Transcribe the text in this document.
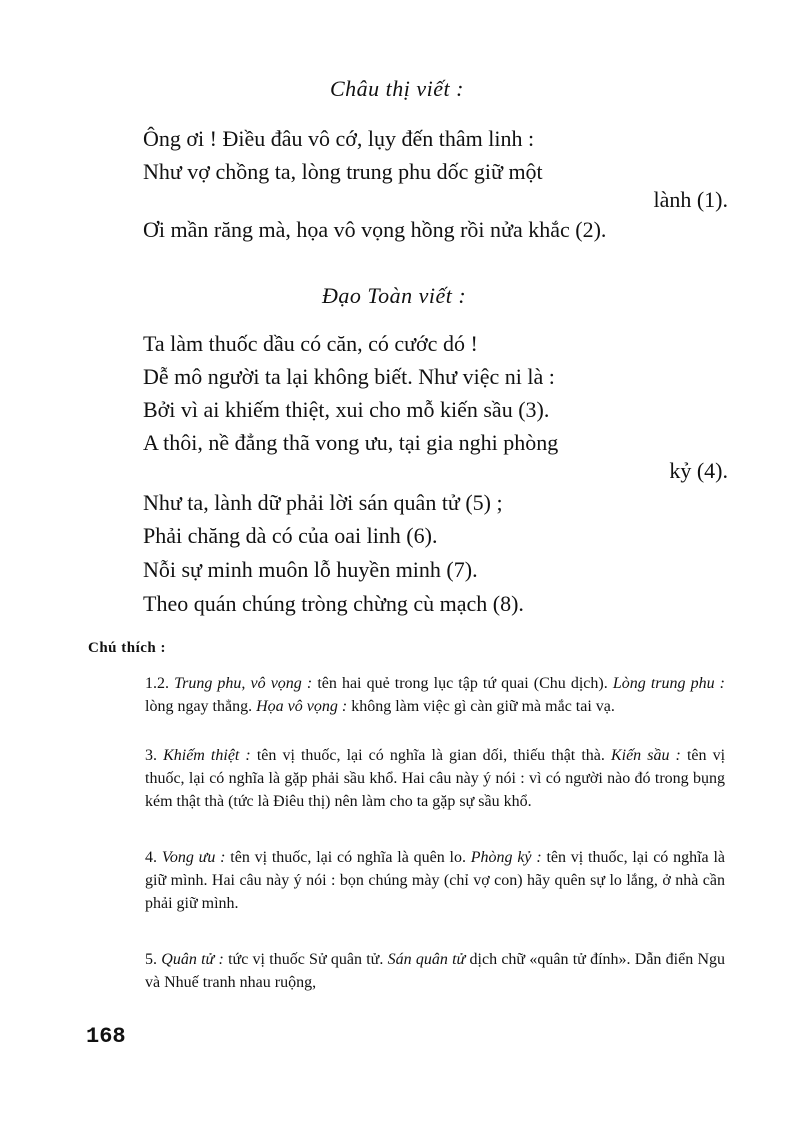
Châu thị viết :
Ông ơi ! Điều đâu vô cớ, lụy đến thâm linh :
Như vợ chồng ta, lòng trung phu dốc giữ một
lành (1).
Ơi mần răng mà, họa vô vọng hồng rồi nửa khắc (2).
Đạo Toàn viết :
Ta làm thuốc dầu có căn, có cước dó !
Dễ mô người ta lại không biết. Như việc ni là :
Bởi vì ai khiếm thiệt, xui cho mỗ kiến sầu (3).
A thôi, nề đẳng thã vong ưu, tại gia nghi phòng
kỷ (4).
Như ta, lành dữ phải lời sán quân tử (5) ;
Phải chăng dà có của oai linh (6).
Nỗi sự minh muôn lỗ huyền minh (7).
Theo quán chúng tròng chừng cù mạch (8).
Chú thích :

1.2. Trung phu, vô vọng : tên hai quẻ trong lục tập tứ quai (Chu dịch). Lòng trung phu : lòng ngay thẳng. Họa vô vọng : không làm việc gì càn giữ mà mắc tai vạ.

3. Khiếm thiệt : tên vị thuốc, lại có nghĩa là gian dối, thiếu thật thà. Kiến sầu : tên vị thuốc, lại có nghĩa là gặp phải sầu khổ. Hai câu này ý nói : vì có người nào đó trong bụng kém thật thà (tức là Điêu thị) nên làm cho ta gặp sự sầu khổ.

4. Vong ưu : tên vị thuốc, lại có nghĩa là quên lo. Phòng kỷ : tên vị thuốc, lại có nghĩa là giữ mình. Hai câu này ý nói : bọn chúng mày (chỉ vợ con) hãy quên sự lo lắng, ở nhà cần phải giữ mình.

5. Quân tử : tức vị thuốc Sử quân tử. Sán quân tử dịch chữ «quân tử đính». Dẫn điển Ngu và Nhuế tranh nhau ruộng,

168
